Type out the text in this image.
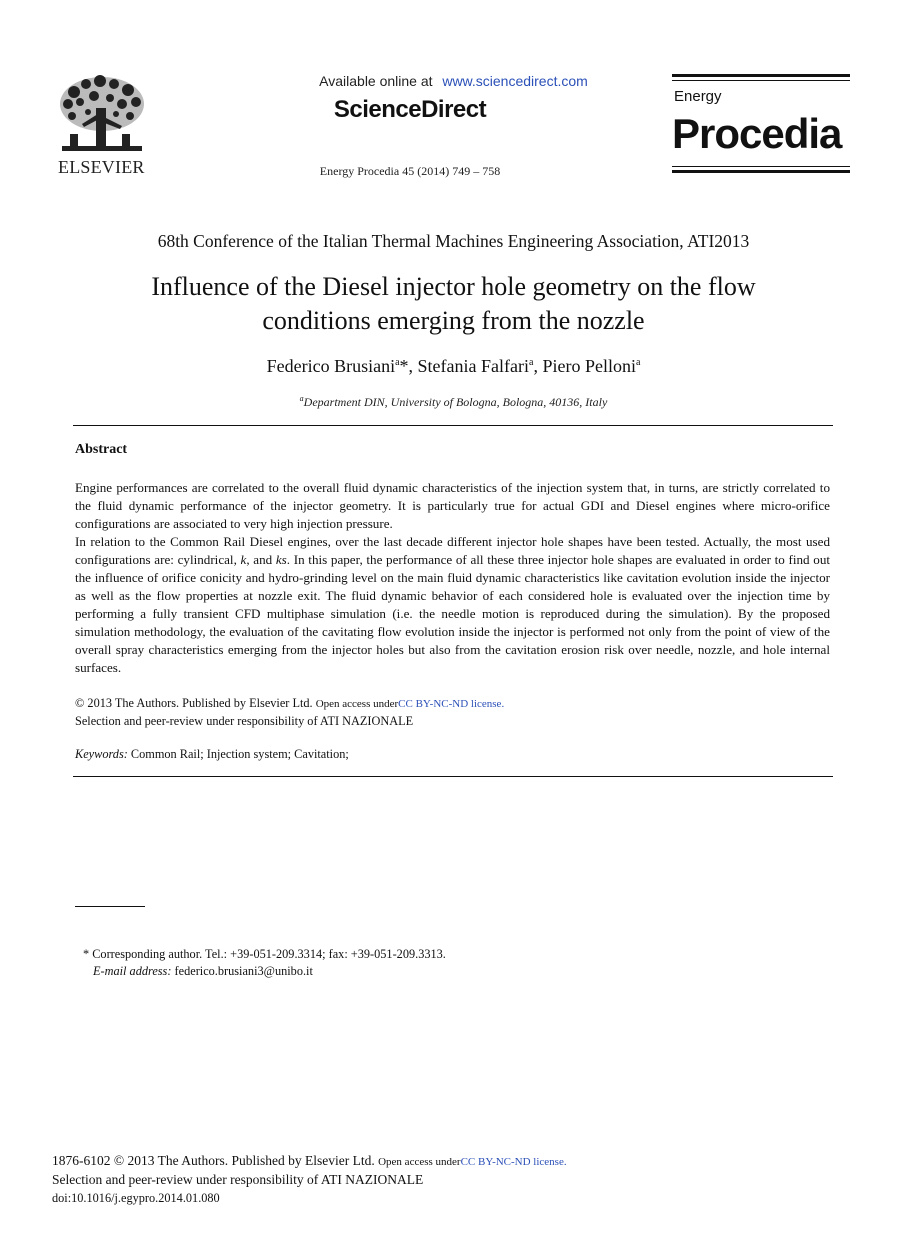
ELSEVIER
Available online at www.sciencedirect.com
ScienceDirect
Energy Procedia 45 (2014) 749 – 758
Energy
Procedia
68th Conference of the Italian Thermal Machines Engineering Association, ATI2013
Influence of the Diesel injector hole geometry on the flow
conditions emerging from the nozzle
Federico Brusiani$^a$*, Stefania Falfari$^a$, Piero Pelloni$^a$
$^a$Department DIN, University of Bologna, Bologna, 40136, Italy
Abstract

Engine performances are correlated to the overall fluid dynamic characteristics of the injection system that, in turns, are strictly correlated to the fluid dynamic performance of the injector geometry. It is particularly true for actual GDI and Diesel engines where micro-orifice configurations are associated to very high injection pressure.

In relation to the Common Rail Diesel engines, over the last decade different injector hole shapes have been tested. Actually, the most used configurations are: cylindrical, k, and ks. In this paper, the performance of all these three injector hole shapes are evaluated in order to find out the influence of orifice conicity and hydro-grinding level on the main fluid dynamic characteristics like cavitation evolution inside the injector as well as the flow properties at nozzle exit. The fluid dynamic behavior of each considered hole is evaluated over the injection time by performing a fully transient CFD multiphase simulation (i.e. the needle motion is reproduced during the simulation). By the proposed simulation methodology, the evaluation of the cavitating flow evolution inside the injector is performed not only from the point of view of the overall spray characteristics emerging from the injector holes but also from the cavitation erosion risk over needle, nozzle, and hole internal surfaces.

© 2013 The Authors. Published by Elsevier Ltd. Open access underCC BY-NC-ND license.
Selection and peer-review under responsibility of ATI NAZIONALE
Keywords: Common Rail; Injection system; Cavitation;
* Corresponding author. Tel.: +39-051-209.3314; fax: +39-051-209.3313.
E-mail address: federico.brusiani3@unibo.it
1876-6102 © 2013 The Authors. Published by Elsevier Ltd. Open access underCC BY-NC-ND license.
Selection and peer-review under responsibility of ATI NAZIONALE
doi:10.1016/j.egypro.2014.01.080
